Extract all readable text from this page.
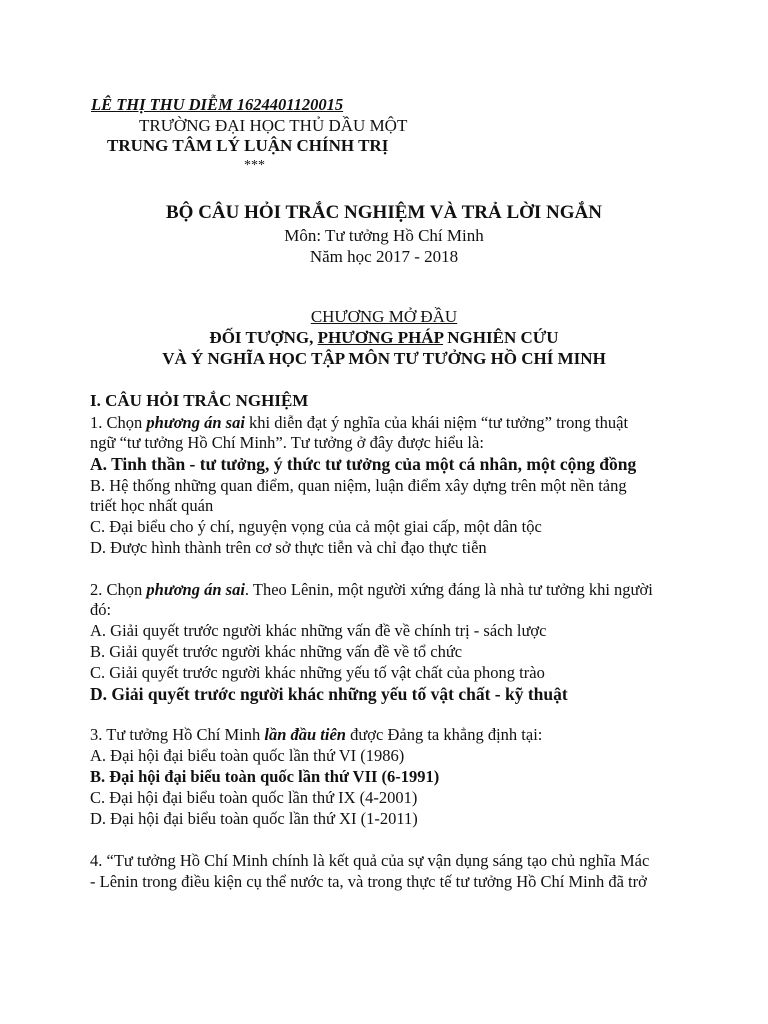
LÊ THỊ THU DIỄM 1624401120015
TRƯỜNG ĐẠI HỌC THỦ DẦU MỘT
TRUNG TÂM LÝ LUẬN CHÍNH TRỊ
***
BỘ CÂU HỎI TRẮC NGHIỆM VÀ TRẢ LỜI NGẮN
Môn: Tư tưởng Hồ Chí Minh
Năm học 2017 - 2018
CHƯƠNG MỞ ĐẦU
ĐỐI TƯỢNG, PHƯƠNG PHÁP NGHIÊN CỨU
VÀ Ý NGHĨA HỌC TẬP MÔN TƯ TƯỞNG HỒ CHÍ MINH
I. CÂU HỎI TRẮC NGHIỆM
1. Chọn phương án sai khi diễn đạt ý nghĩa của khái niệm “tư tưởng” trong thuật
ngữ “tư tưởng Hồ Chí Minh”. Tư tưởng ở đây được hiểu là:
A. Tinh thần - tư tưởng, ý thức tư tưởng của một cá nhân, một cộng đồng
B. Hệ thống những quan điểm, quan niệm, luận điểm xây dựng trên một nền tảng
triết học nhất quán
C. Đại biểu cho ý chí, nguyện vọng của cả một giai cấp, một dân tộc
D. Được hình thành trên cơ sở thực tiễn và chỉ đạo thực tiễn
2. Chọn phương án sai. Theo Lênin, một người xứng đáng là nhà tư tưởng khi người
đó:
A. Giải quyết trước người khác những vấn đề về chính trị - sách lược
B. Giải quyết trước người khác những vấn đề về tổ chức
C. Giải quyết trước người khác những yếu tố vật chất của phong trào
D. Giải quyết trước người khác những yếu tố vật chất - kỹ thuật
3. Tư tưởng Hồ Chí Minh lần đầu tiên được Đảng ta khẳng định tại:
A. Đại hội đại biểu toàn quốc lần thứ VI (1986)
B. Đại hội đại biểu toàn quốc lần thứ VII (6-1991)
C. Đại hội đại biểu toàn quốc lần thứ IX (4-2001)
D. Đại hội đại biểu toàn quốc lần thứ XI (1-2011)
4. “Tư tưởng Hồ Chí Minh chính là kết quả của sự vận dụng sáng tạo chủ nghĩa Mác
- Lênin trong điều kiện cụ thể nước ta, và trong thực tế tư tưởng Hồ Chí Minh đã trở
